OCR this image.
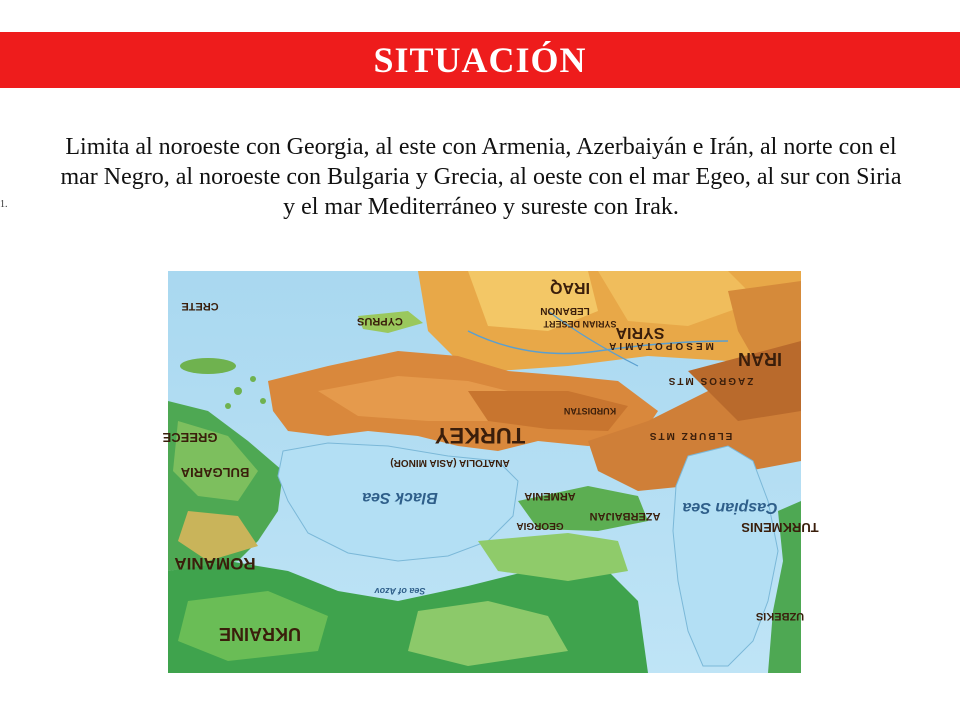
SITUACIÓN
1.
Limita al noroeste con Georgia, al este con Armenia, Azerbaiyán e Irán, al norte con el mar Negro, al noroeste con Bulgaria y Grecia, al oeste con el mar Egeo, al sur con Siria y el mar Mediterráneo y sureste con Irak.
TURKEY
ANATOLIA (ASIA MINOR)
Black Sea
Caspian Sea
SYRIA
IRAQ
IRAN
LEBANON
CYPRUS
CRETE
GREECE
BULGARIA
ROMANIA
UKRAINE
ARMENIA
GEORGIA
AZERBAIJAN
TURKMENIS
UZBEKIS
MESOPOTAMIA
ZAGROS MTS
ELBURZ MTS
KURDISTAN
SYRIAN DESERT
Sea of Azov
